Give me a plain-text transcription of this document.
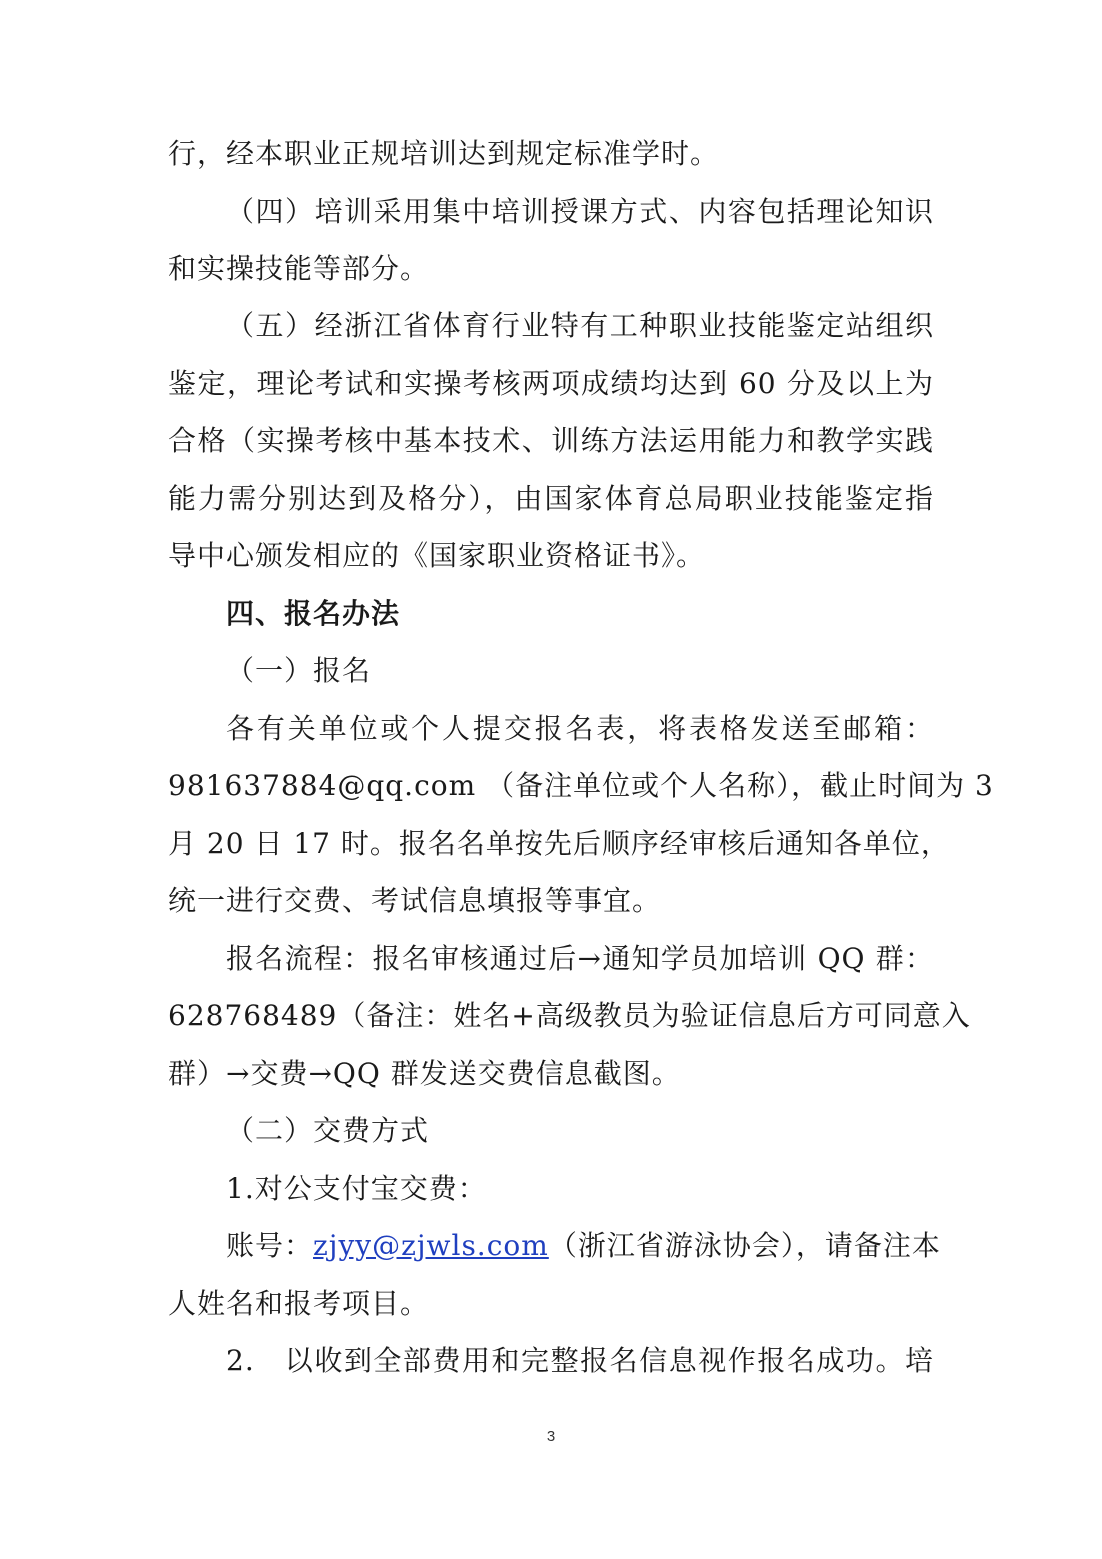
行，经本职业正规培训达到规定标准学时。
（四）培训采用集中培训授课方式、内容包括理论知识
和实操技能等部分。
（五）经浙江省体育行业特有工种职业技能鉴定站组织
鉴定，理论考试和实操考核两项成绩均达到 60 分及以上为
合格（实操考核中基本技术、训练方法运用能力和教学实践
能力需分别达到及格分），由国家体育总局职业技能鉴定指
导中心颁发相应的《国家职业资格证书》。
四、报名办法
（一）报名
各有关单位或个人提交报名表，将表格发送至邮箱：
981637884@qq.com （备注单位或个人名称），截止时间为 3
月 20 日 17 时。报名名单按先后顺序经审核后通知各单位，
统一进行交费、考试信息填报等事宜。
报名流程：报名审核通过后→通知学员加培训 QQ 群：
628768489（备注：姓名+高级教员为验证信息后方可同意入
群）→交费→QQ 群发送交费信息截图。
（二）交费方式
1.对公支付宝交费：
账号：zjyy@zjwls.com（浙江省游泳协会），请备注本
人姓名和报考项目。
2.　以收到全部费用和完整报名信息视作报名成功。培
3
